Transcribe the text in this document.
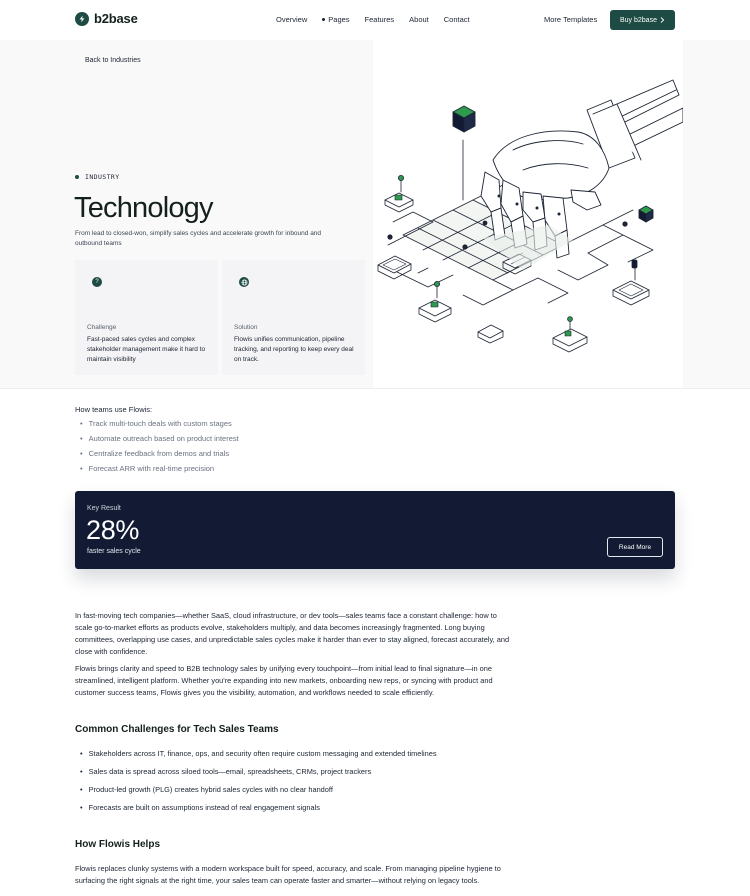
b2base	Overview	Pages Features About Contact	More Templates	Buy b2base
Back to Industries
INDUSTRY
Technology

From lead to closed-won, simplify sales cycles and accelerate growth for inbound and outbound teams

?
Challenge

Fast-paced sales cycles and complex stakeholder management make it hard to maintain visibility

Solution

Flowis unifies communication, pipeline tracking, and reporting to keep every deal on track.

How teams use Flowis:
• Track multi-touch deals with custom stages
• Automate outreach based on product interest
• Centralize feedback from demos and trials
• Forecast ARR with real-time precision
Key Result
28%
faster sales cycle
Read More

In fast-moving tech companies—whether SaaS, cloud infrastructure, or dev tools—sales teams face a constant challenge: how to scale go-to-market efforts as products evolve, stakeholders multiply, and data becomes increasingly fragmented. Long buying committees, overlapping use cases, and unpredictable sales cycles make it harder than ever to stay aligned, forecast accurately, and close with confidence.

Flowis brings clarity and speed to B2B technology sales by unifying every touchpoint—from initial lead to final signature—in one streamlined, intelligent platform. Whether you're expanding into new markets, onboarding new reps, or syncing with product and customer success teams, Flowis gives you the visibility, automation, and workflows needed to scale efficiently.

Common Challenges for Tech Sales Teams
• Stakeholders across IT, finance, ops, and security often require custom messaging and extended timelines
• Sales data is spread across siloed tools—email, spreadsheets, CRMs, project trackers
• Product-led growth (PLG) creates hybrid sales cycles with no clear handoff
• Forecasts are built on assumptions instead of real engagement signals
How Flowis Helps

Flowis replaces clunky systems with a modern workspace built for speed, accuracy, and scale. From managing pipeline hygiene to surfacing the right signals at the right time, your sales team can operate faster and smarter—without relying on legacy tools.
